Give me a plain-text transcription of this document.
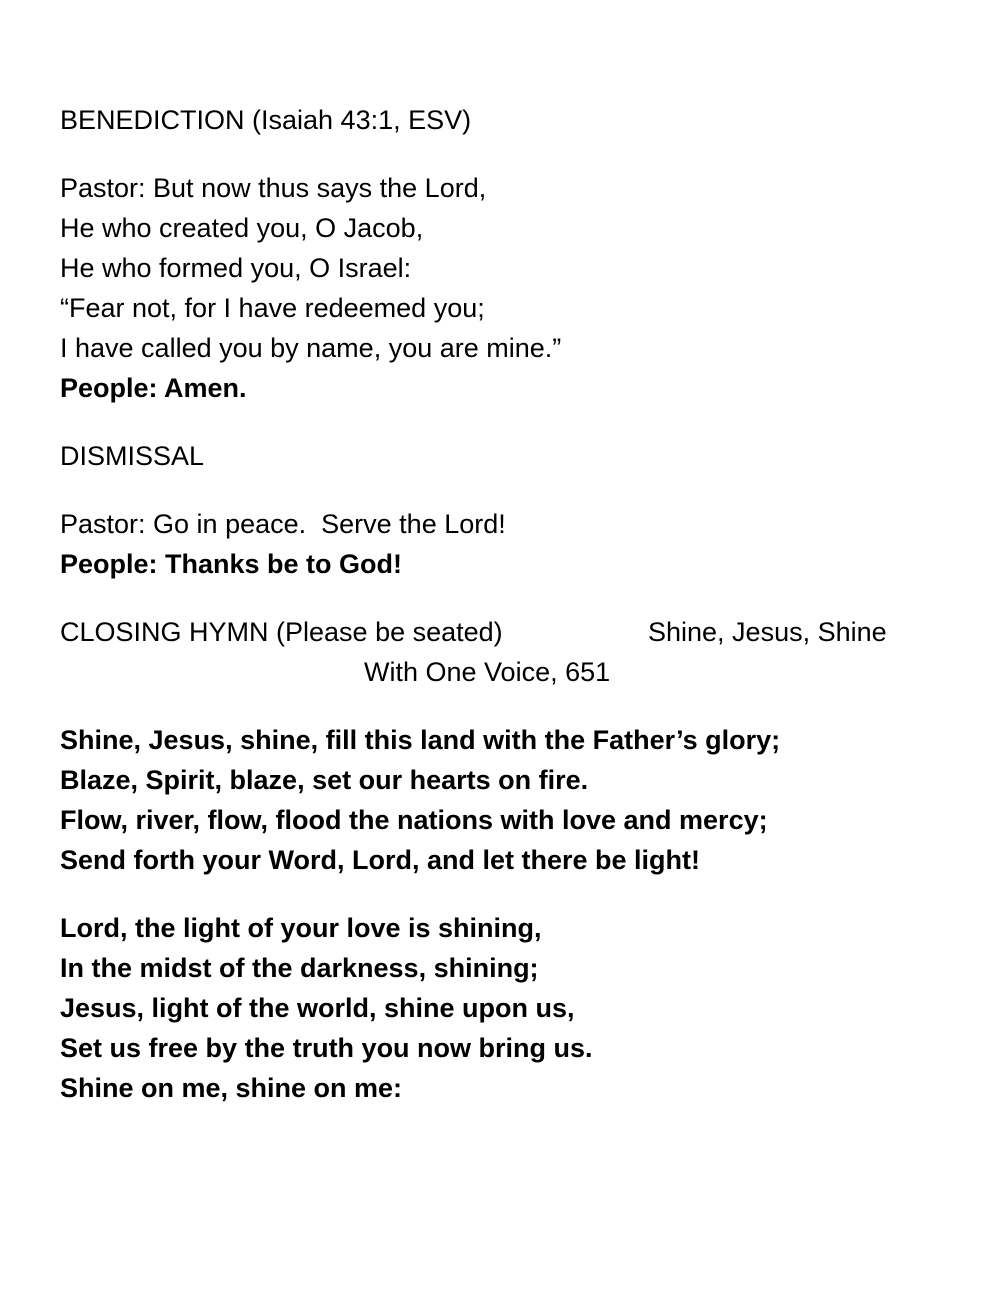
BENEDICTION (Isaiah 43:1, ESV)
Pastor: But now thus says the Lord,
He who created you, O Jacob,
He who formed you, O Israel:
“Fear not, for I have redeemed you;
I have called you by name, you are mine.”
People: Amen.
DISMISSAL
Pastor: Go in peace.  Serve the Lord!
People: Thanks be to God!
CLOSING HYMN (Please be seated)	Shine, Jesus, Shine
With One Voice, 651
Shine, Jesus, shine, fill this land with the Father’s glory;
Blaze, Spirit, blaze, set our hearts on fire.
Flow, river, flow, flood the nations with love and mercy;
Send forth your Word, Lord, and let there be light!
Lord, the light of your love is shining,
In the midst of the darkness, shining;
Jesus, light of the world, shine upon us,
Set us free by the truth you now bring us.
Shine on me, shine on me:
